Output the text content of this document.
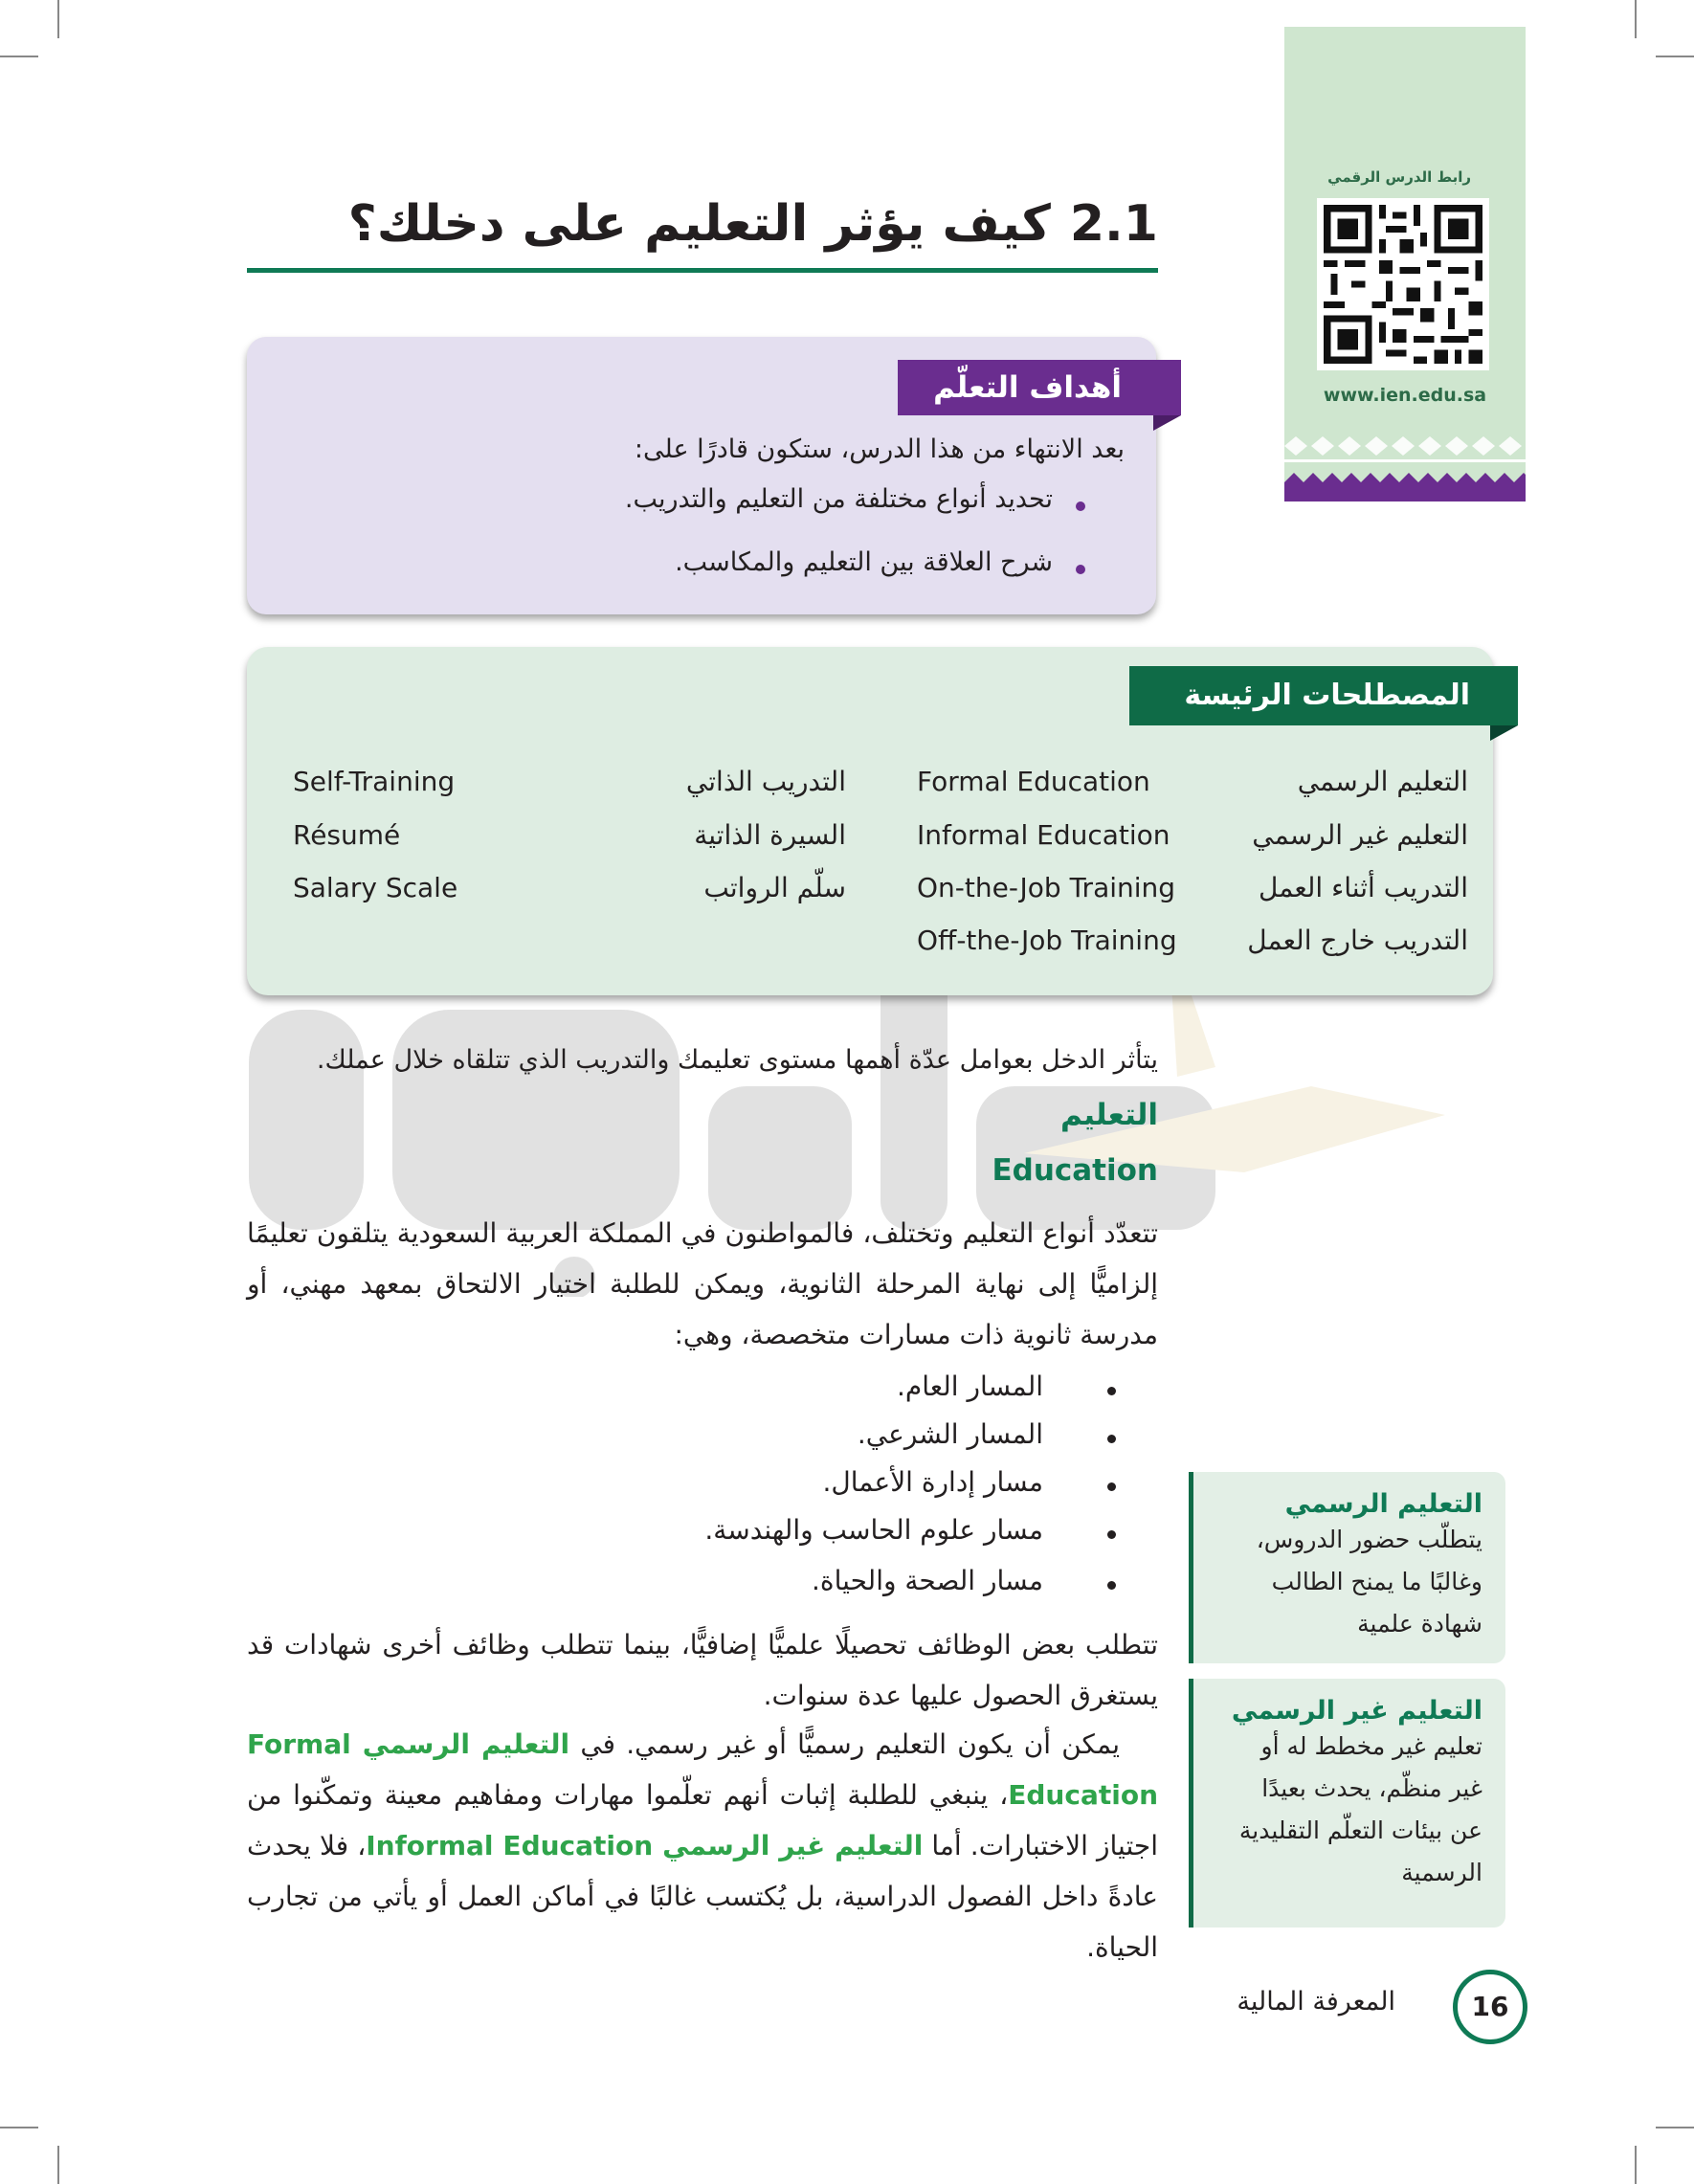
رابط الدرس الرقمي
www.ien.edu.sa
2.1كيف يؤثر التعليم على دخلك؟
أهداف التعلّم
بعد الانتهاء من هذا الدرس، ستكون قادرًا على:
تحديد أنواع مختلفة من التعليم والتدريب.
شرح العلاقة بين التعليم والمكاسب.
المصطلحات الرئيسة
التعليم الرسمي
Formal Education
التعليم غير الرسمي
Informal Education
التدريب أثناء العمل
On-the-Job Training
التدريب خارج العمل
Off-the-Job Training
التدريب الذاتي
Self-Training
السيرة الذاتية
Résumé
سلّم الرواتب
Salary Scale
يتأثر الدخل بعوامل عدّة أهمها مستوى تعليمك والتدريب الذي تتلقاه خلال عملك.
التعليم
Education
تتعدّد أنواع التعليم وتختلف، فالمواطنون في المملكة العربية السعودية يتلقون تعليمًا إلزاميًّا إلى نهاية المرحلة الثانوية، ويمكن للطلبة اختيار الالتحاق بمعهد مهني، أو مدرسة ثانوية ذات مسارات متخصصة، وهي:
المسار العام.
المسار الشرعي.
مسار إدارة الأعمال.
مسار علوم الحاسب والهندسة.
مسار الصحة والحياة.
تتطلب بعض الوظائف تحصيلًا علميًّا إضافيًّا، بينما تتطلب وظائف أخرى شهادات قد يستغرق الحصول عليها عدة سنوات.
يمكن أن يكون التعليم رسميًّا أو غير رسمي. في التعليم الرسمي Formal Education، ينبغي للطلبة إثبات أنهم تعلّموا مهارات ومفاهيم معينة وتمكّنوا من اجتياز الاختبارات. أما التعليم غير الرسمي Informal Education، فلا يحدث عادةً داخل الفصول الدراسية، بل يُكتسب غالبًا في أماكن العمل أو يأتي من تجارب الحياة.
التعليم الرسمي
يتطلّب حضور الدروس،
وغالبًا ما يمنح الطالب
شهادة علمية
التعليم غير الرسمي
تعليم غير مخطط له أو
غير منظّم، يحدث بعيدًا
عن بيئات التعلّم التقليدية
الرسمية
المعرفة المالية	16
